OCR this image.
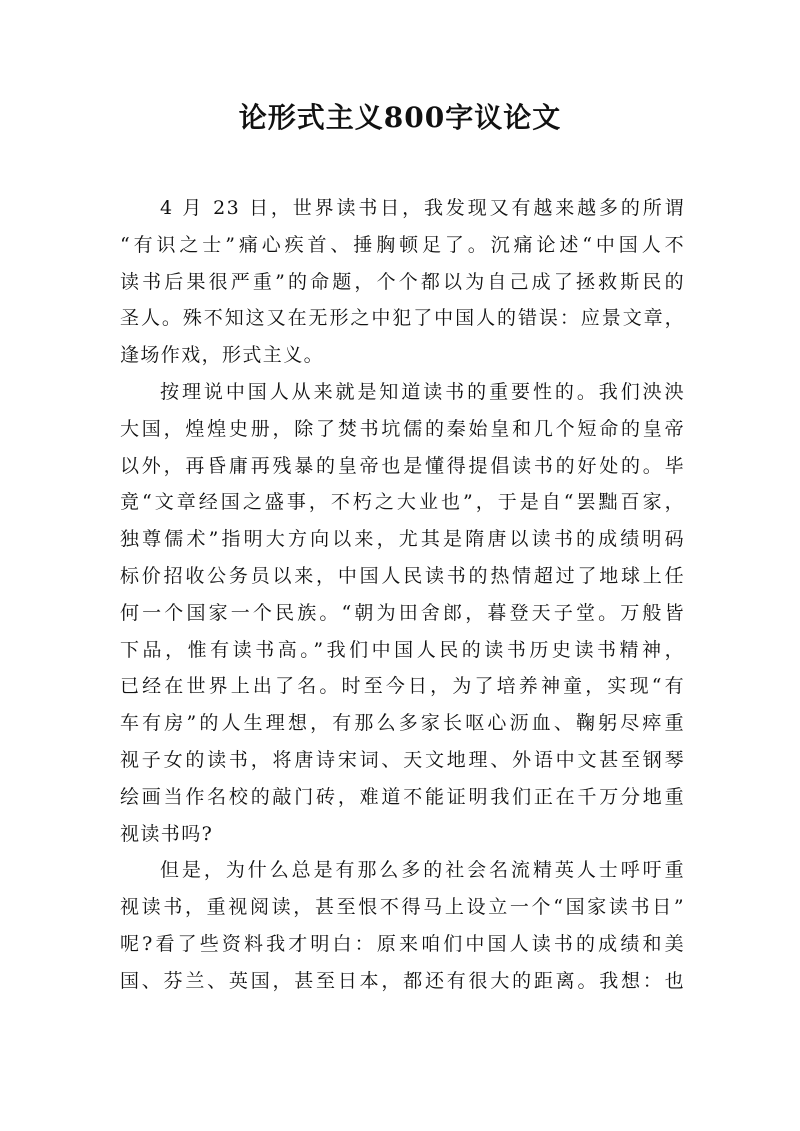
论形式主义800字议论文
4 月 23 日，世界读书日，我发现又有越来越多的所谓
“有识之士”痛心疾首、捶胸顿足了。沉痛论述“中国人不
读书后果很严重”的命题，个个都以为自己成了拯救斯民的
圣人。殊不知这又在无形之中犯了中国人的错误：应景文章，
逢场作戏，形式主义。
按理说中国人从来就是知道读书的重要性的。我们泱泱
大国，煌煌史册，除了焚书坑儒的秦始皇和几个短命的皇帝
以外，再昏庸再残暴的皇帝也是懂得提倡读书的好处的。毕
竟“文章经国之盛事，不朽之大业也”，于是自“罢黜百家，
独尊儒术”指明大方向以来，尤其是隋唐以读书的成绩明码
标价招收公务员以来，中国人民读书的热情超过了地球上任
何一个国家一个民族。“朝为田舍郎，暮登天子堂。万般皆
下品，惟有读书高。”我们中国人民的读书历史读书精神，
已经在世界上出了名。时至今日，为了培养神童，实现“有
车有房”的人生理想，有那么多家长呕心沥血、鞠躬尽瘁重
视子女的读书，将唐诗宋词、天文地理、外语中文甚至钢琴
绘画当作名校的敲门砖，难道不能证明我们正在千万分地重
视读书吗?
但是，为什么总是有那么多的社会名流精英人士呼吁重
视读书，重视阅读，甚至恨不得马上设立一个“国家读书日”
呢?看了些资料我才明白：原来咱们中国人读书的成绩和美
国、芬兰、英国，甚至日本，都还有很大的距离。我想：也
